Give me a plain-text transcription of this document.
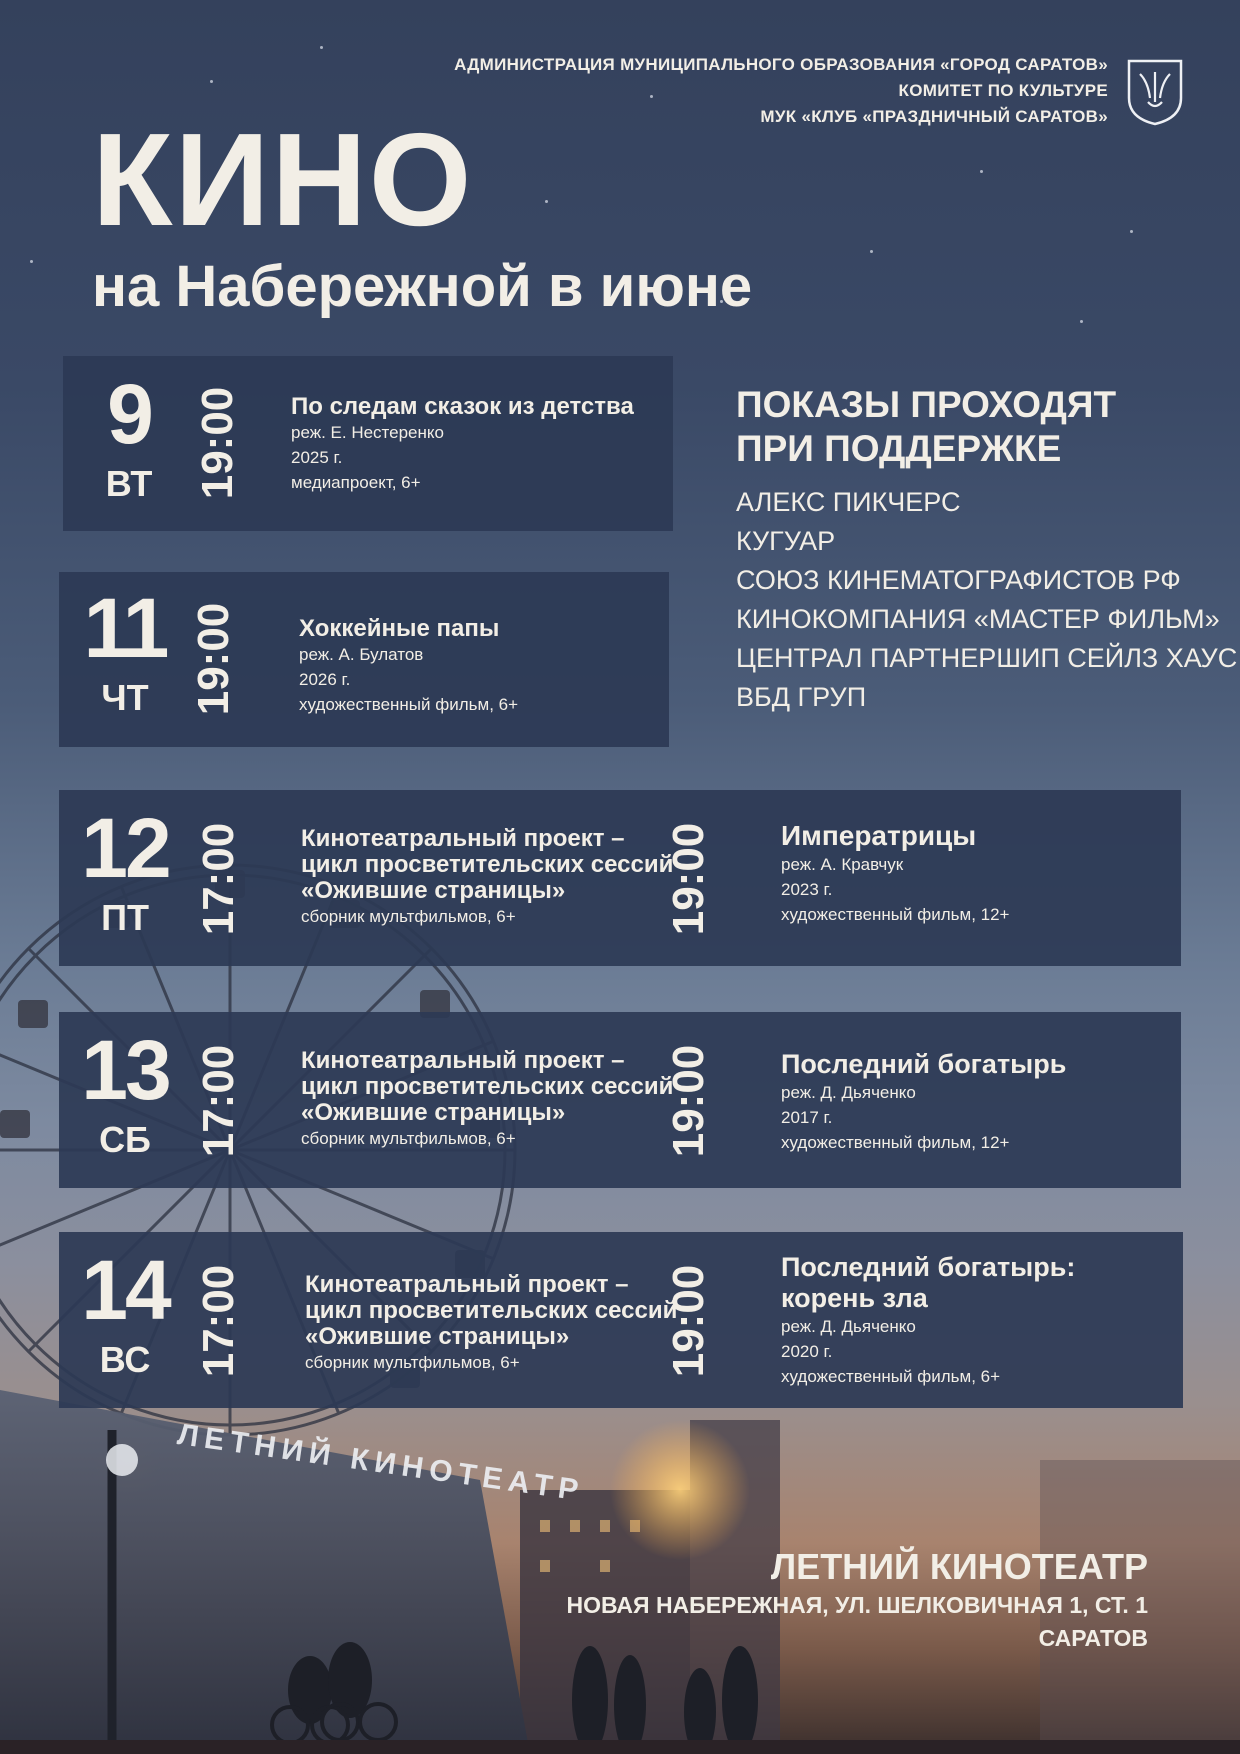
ЛЕТНИЙ КИНОТЕАТР
АДМИНИСТРАЦИЯ МУНИЦИПАЛЬНОГО ОБРАЗОВАНИЯ «ГОРОД САРАТОВ»
КОМИТЕТ ПО КУЛЬТУРЕ
МУК «КЛУБ «ПРАЗДНИЧНЫЙ САРАТОВ»
КИНО
на Набережной в июне
9
ВТ 19:00 По следам сказок из детства
реж. Е. Нестеренко
2025 г.
медиапроект, 6+
11
ЧТ 19:00	Хоккейные папы
реж. А. Булатов
2026 г.
художественный фильм, 6+
12
ПТ	17:00 Кинотеатральный проект –
цикл просветительских сессий
«Ожившие страницы»
сборник мультфильмов, 6+	19:00 Императрицы
реж. А. Кравчук
2023 г.
художественный фильм, 12+
13
СБ 17:00 Кинотеатральный проект –
цикл просветительских сессий
«Ожившие страницы»
сборник мультфильмов, 6+	19:00	Последний богатырь
реж. Д. Дьяченко
2017 г.
художественный фильм, 12+
14
ВС 17:00	Кинотеатральный проект –
цикл просветительских сессий
«Ожившие страницы»
сборник мультфильмов, 6+	19:00	Последний богатырь:
корень зла
реж. Д. Дьяченко
2020 г.
художественный фильм, 6+
ПОКАЗЫ ПРОХОДЯТ
ПРИ ПОДДЕРЖКЕ
АЛЕКС ПИКЧЕРС
КУГУАР
СОЮЗ КИНЕМАТОГРАФИСТОВ РФ
КИНОКОМПАНИЯ «МАСТЕР ФИЛЬМ»
ЦЕНТРАЛ ПАРТНЕРШИП СЕЙЛЗ ХАУС
ВБД ГРУП
ЛЕТНИЙ КИНОТЕАТР
НОВАЯ НАБЕРЕЖНАЯ, УЛ. ШЕЛКОВИЧНАЯ 1, СТ. 1
САРАТОВ
